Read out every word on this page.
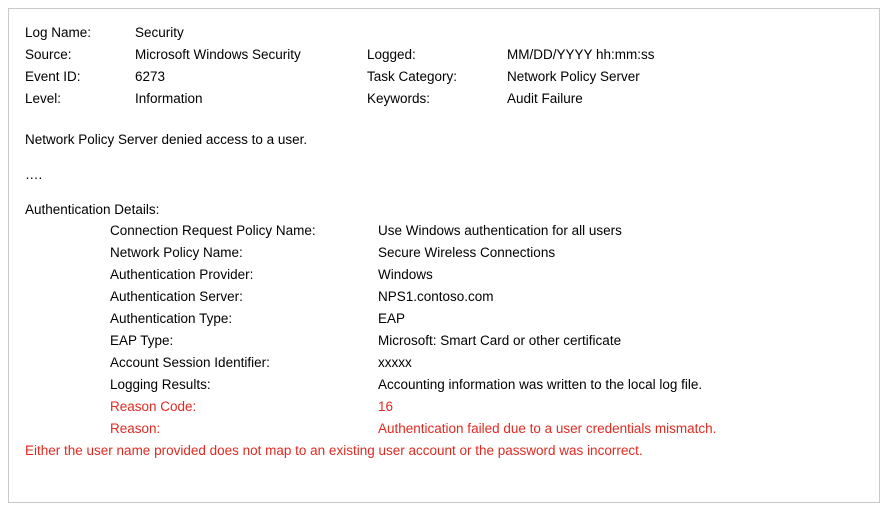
Log Name:	Security
Source:	Microsoft Windows Security	Logged:	MM/DD/YYYY hh:mm:ss
Event ID:	6273	Task Category:	Network Policy Server
Level:	Information	Keywords:	Audit Failure
Network Policy Server denied access to a user.
….
Authentication Details:
Connection Request Policy Name:	Use Windows authentication for all users
Network Policy Name:	Secure Wireless Connections
Authentication Provider:	Windows
Authentication Server:	NPS1.contoso.com
Authentication Type:	EAP
EAP Type:	Microsoft: Smart Card or other certificate
Account Session Identifier:	xxxxx
Logging Results:	Accounting information was written to the local log file.
Reason Code:	16
Reason:	Authentication failed due to a user credentials mismatch.
Either the user name provided does not map to an existing user account or the password was incorrect.
